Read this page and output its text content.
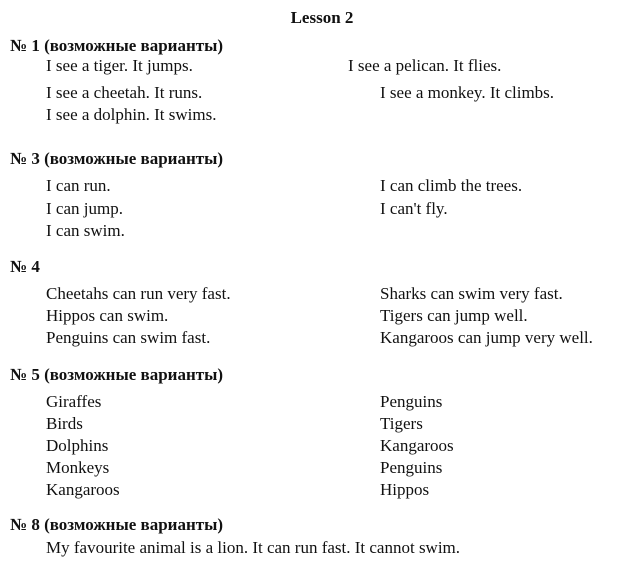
Lesson 2
№ 1 (возможные варианты)
I see a tiger. It jumps.
I see a cheetah. It runs.
I see a dolphin. It swims.
I see a pelican. It flies.
I see a monkey. It climbs.
№ 3 (возможные варианты)
I can run.
I can jump.
I can swim.
I can climb the trees.
I can't fly.
№ 4
Cheetahs can run very fast.
Hippos can swim.
Penguins can swim fast.
Sharks can swim very fast.
Tigers can jump well.
Kangaroos can jump very well.
№ 5 (возможные варианты)
Giraffes
Birds
Dolphins
Monkeys
Kangaroos
Penguins
Tigers
Kangaroos
Penguins
Hippos
№ 8 (возможные варианты)
My favourite animal is a lion. It can run fast. It cannot swim.
